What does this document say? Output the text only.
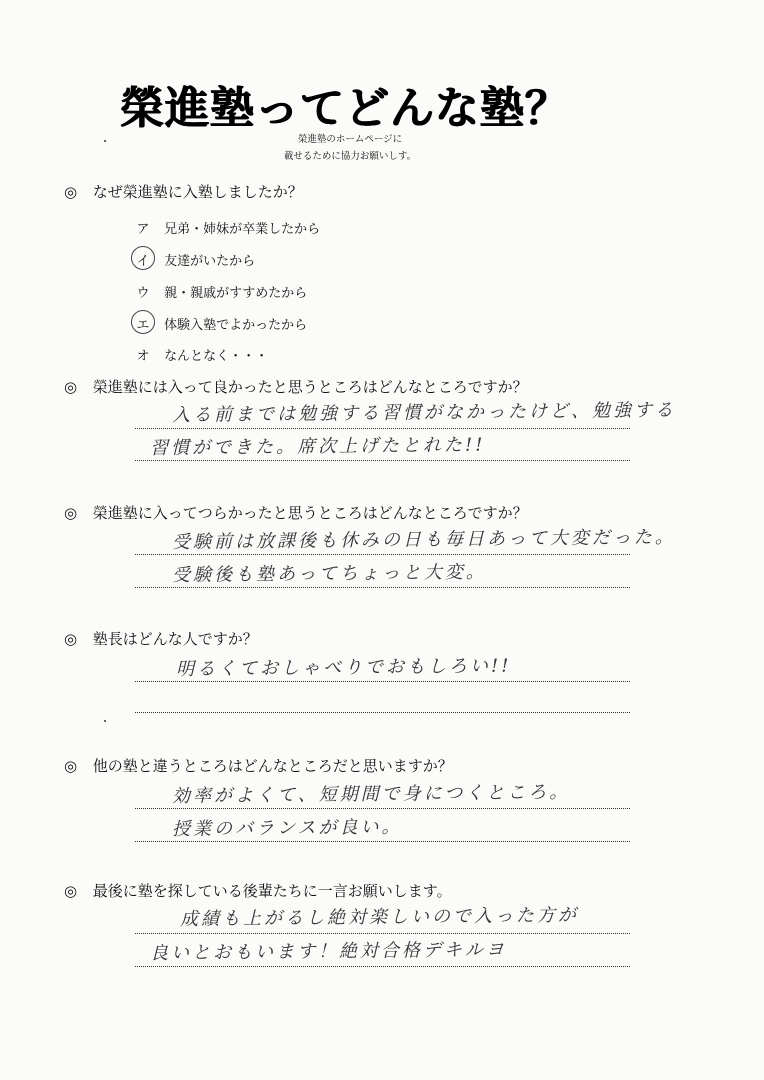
榮進塾ってどんな塾？
榮進塾のホームページに
載せるために協力お願いしす。
◎ なぜ榮進塾に入塾しましたか？
ア 兄弟・姉妹が卒業したから
イ 友達がいたから
ウ 親・親戚がすすめたから
エ 体験入塾でよかったから
オ なんとなく・・・
◎ 榮進塾には入って良かったと思うところはどんなところですか？
入る前までは勉強する習慣がなかったけど、勉強する
習慣ができた。席次上げたとれた!!
◎ 榮進塾に入ってつらかったと思うところはどんなところですか？
受験前は放課後も休みの日も毎日あって大変だった。
受験後も塾あってちょっと大変。
◎ 塾長はどんな人ですか？
明るくておしゃべりでおもしろい!!
◎ 他の塾と違うところはどんなところだと思いますか？
効率がよくて、短期間で身につくところ。
授業のバランスが良い。
◎ 最後に塾を探している後輩たちに一言お願いします。
成績も上がるし絶対楽しいので入った方が
良いとおもいます！絶対合格デキルヨ
